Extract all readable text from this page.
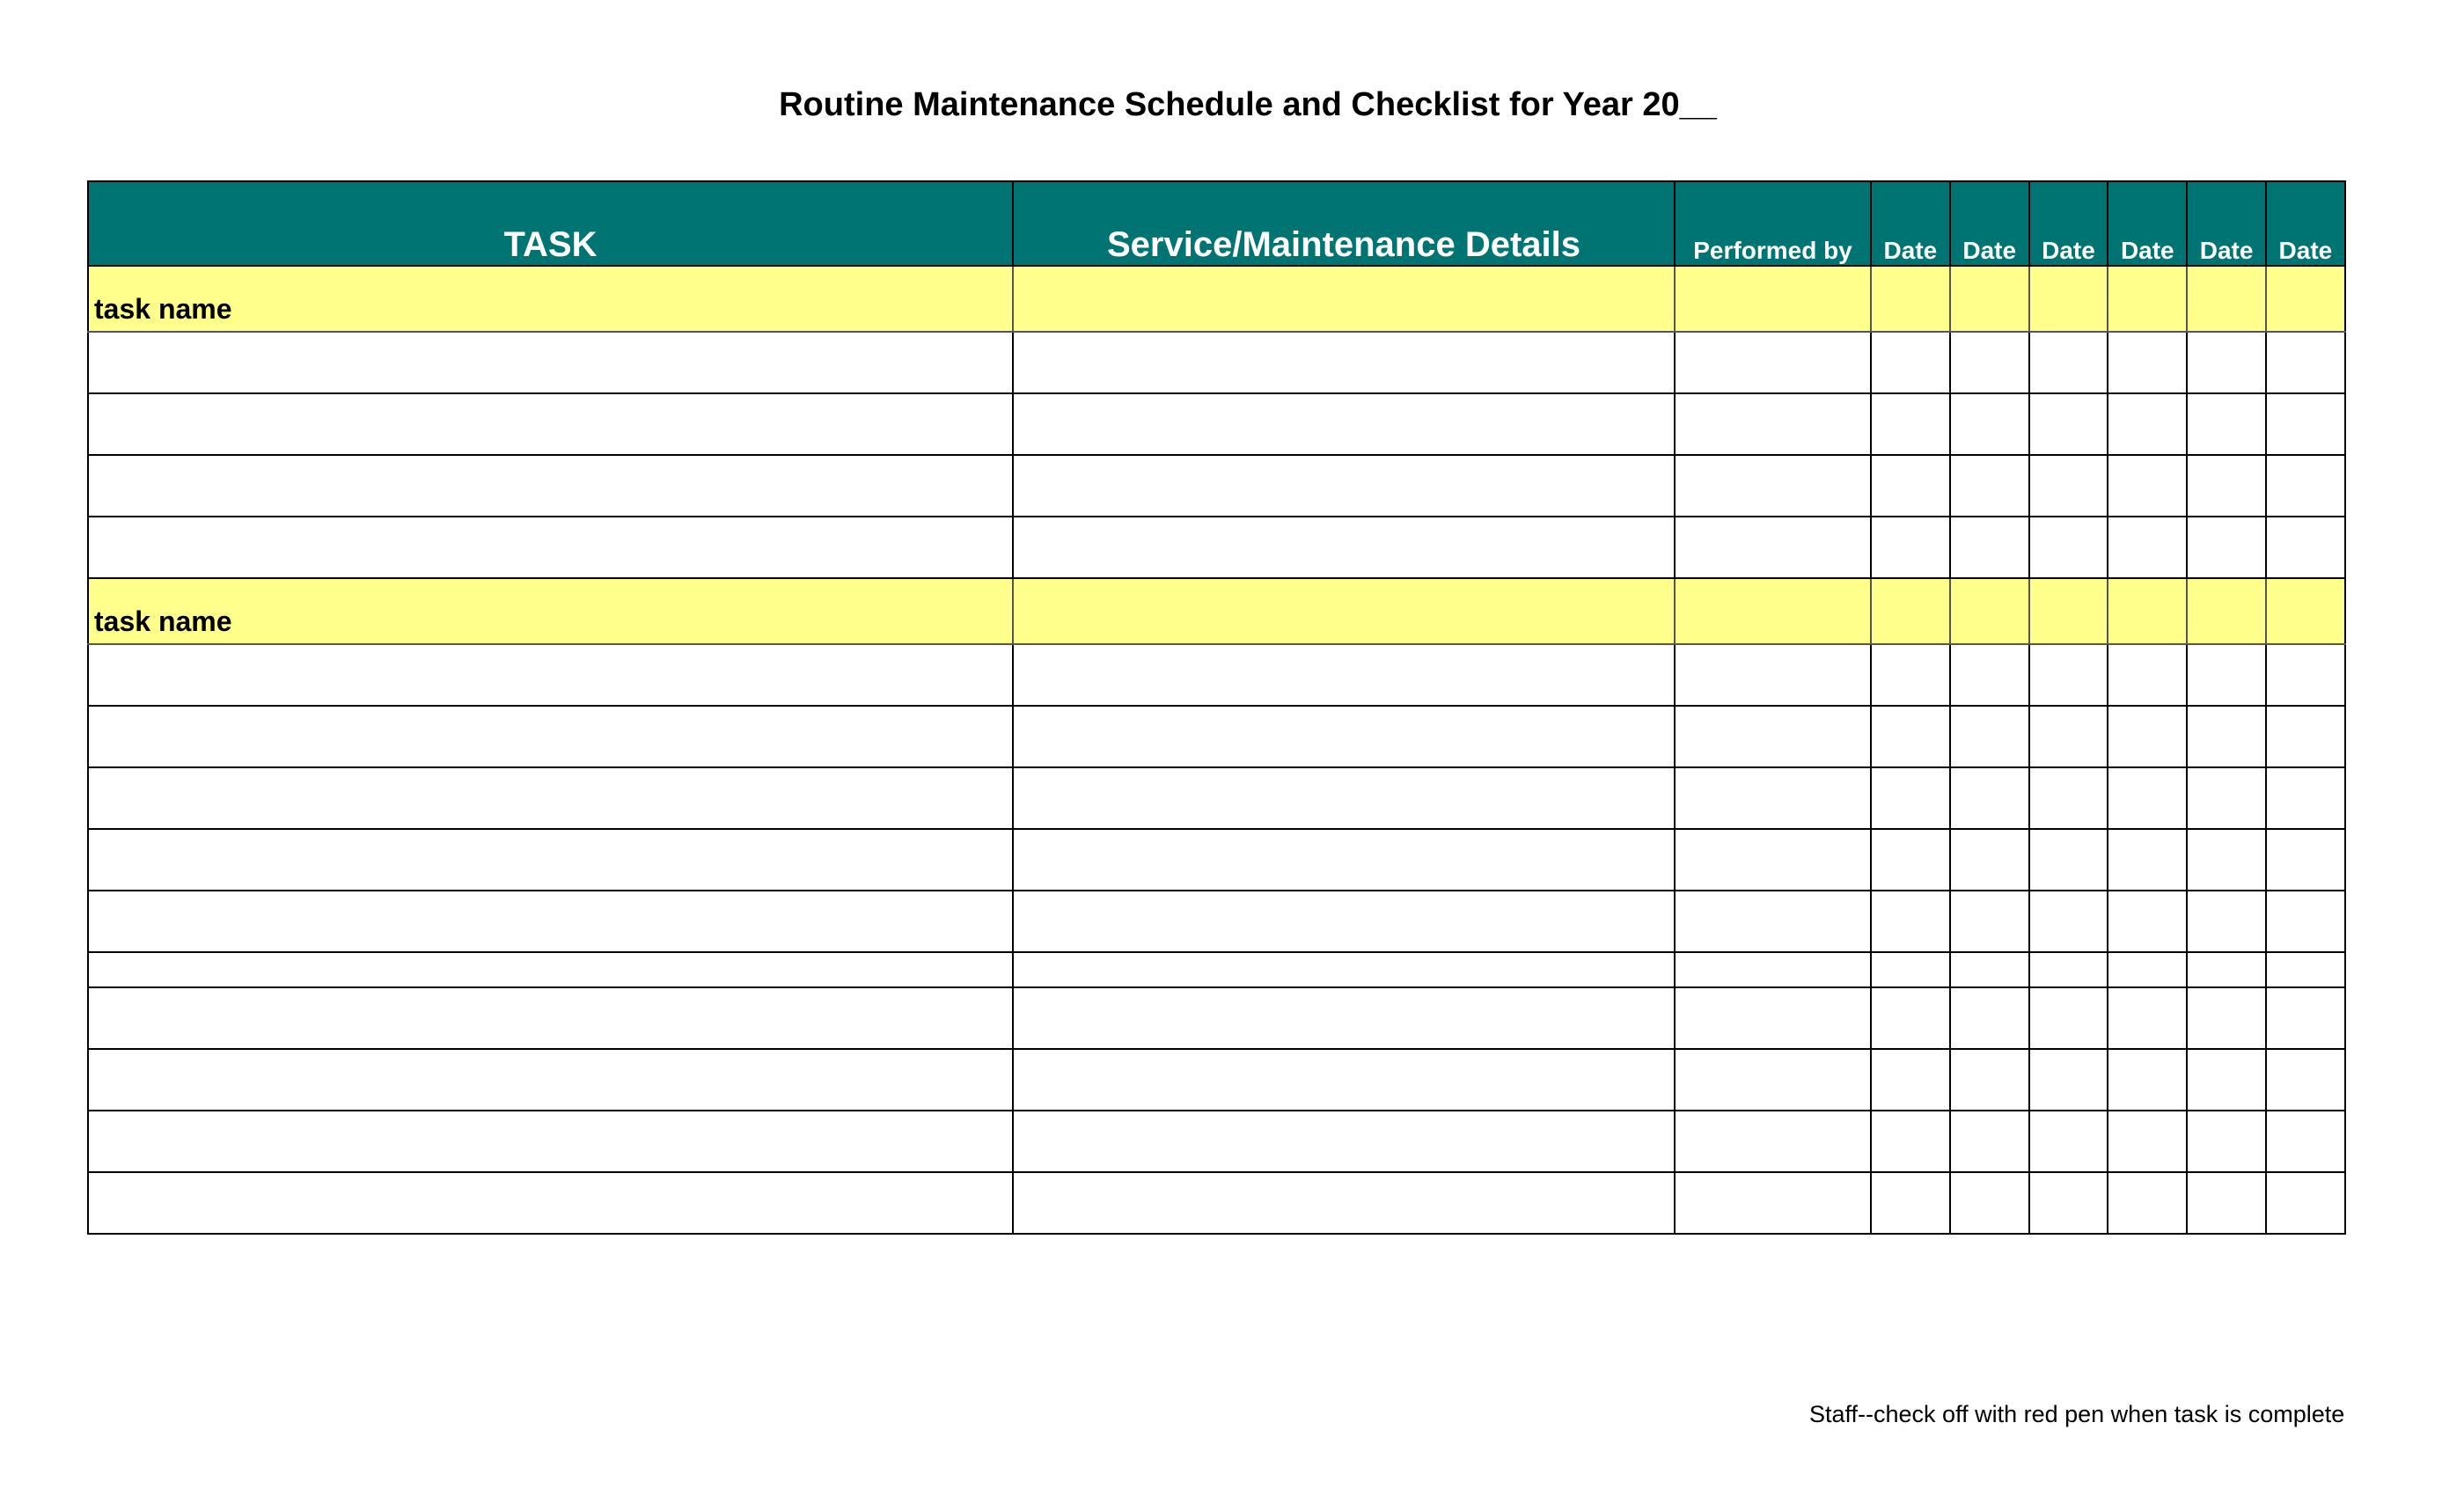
Routine Maintenance Schedule and Checklist for Year 20__
TASK	Service/Maintenance Details	Performed by	Date	Date	Date	Date	Date	Date
task name								

task name								

Staff--check off with red pen when task is complete
